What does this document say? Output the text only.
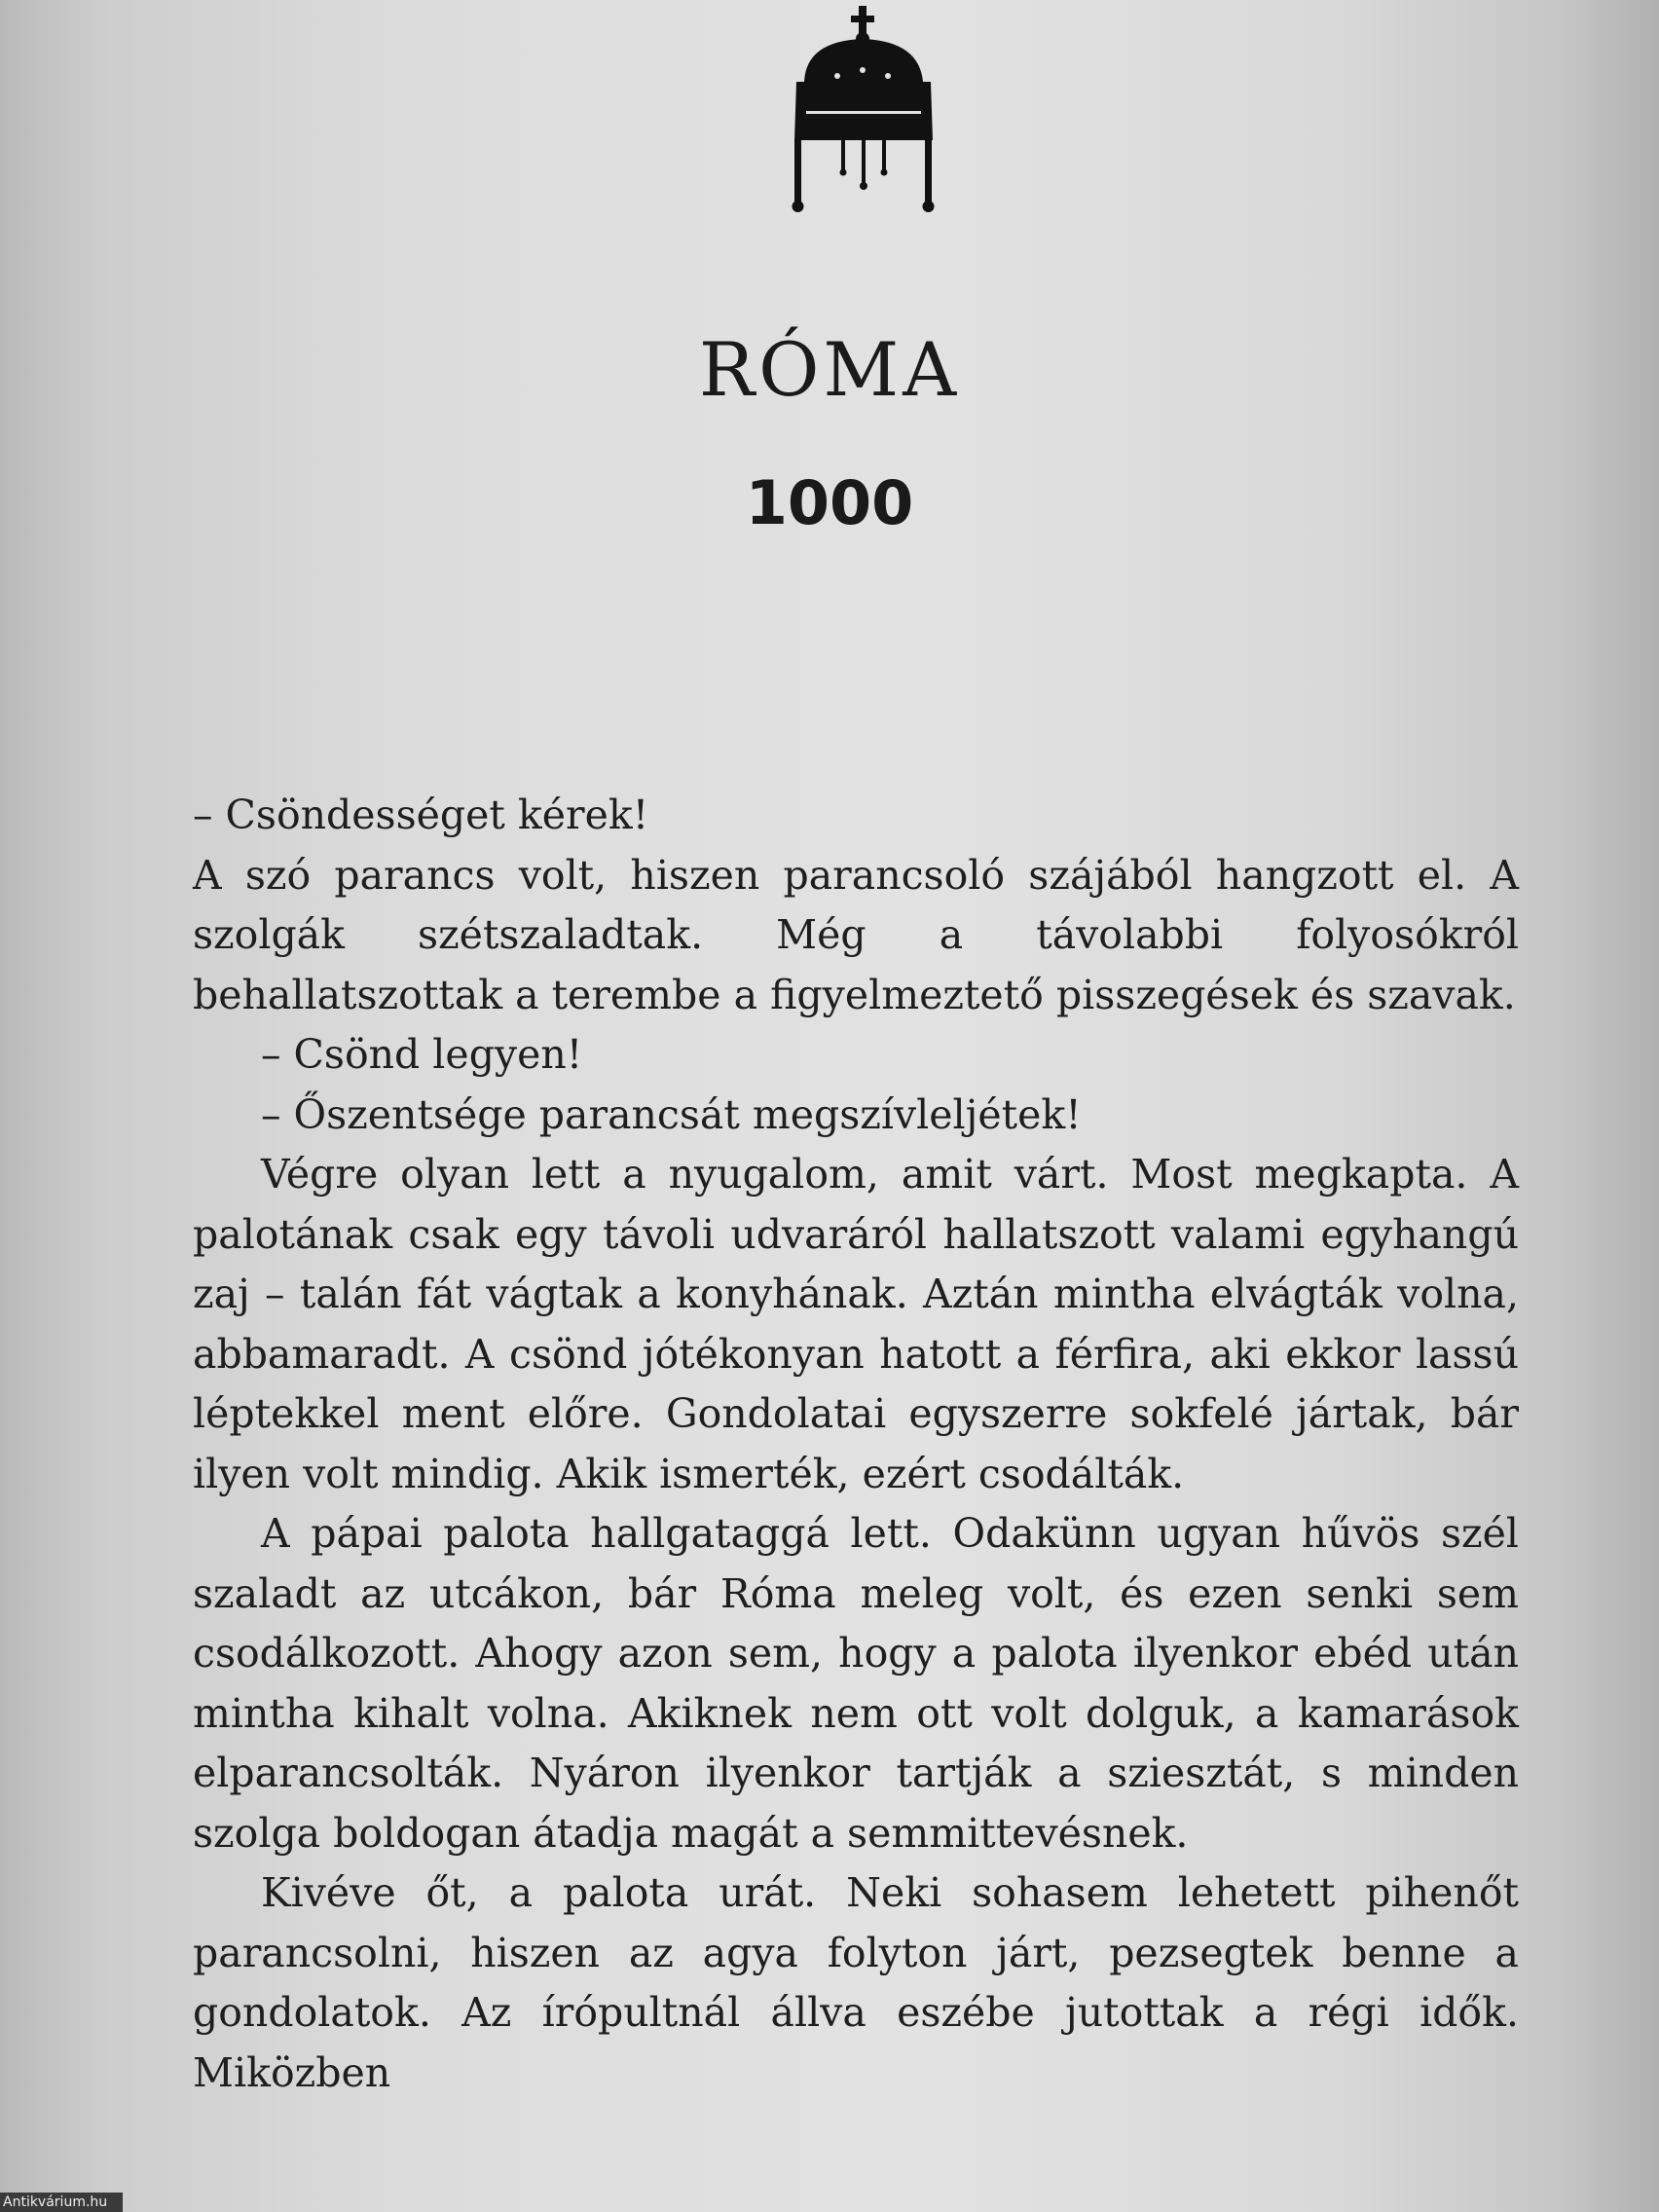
RÓMA
1000

– Csöndességet kérek!

A szó parancs volt, hiszen parancsoló szájából hangzott el. A szolgák szétszaladtak. Még a távolabbi folyosókról behallatszottak a terembe a figyelmeztető pisszegések és szavak.

– Csönd legyen!

– Őszentsége parancsát megszívleljétek!

Végre olyan lett a nyugalom, amit várt. Most megkapta. A palotának csak egy távoli udvaráról hallatszott valami egyhangú zaj – talán fát vágtak a konyhának. Aztán mintha elvágták volna, abbamaradt. A csönd jótékonyan hatott a férfira, aki ekkor lassú léptekkel ment előre. Gondolatai egyszerre sokfelé jártak, bár ilyen volt mindig. Akik ismerték, ezért csodálták.

A pápai palota hallgataggá lett. Odakünn ugyan hűvös szél szaladt az utcákon, bár Róma meleg volt, és ezen senki sem csodálkozott. Ahogy azon sem, hogy a palota ilyenkor ebéd után mintha kihalt volna. Akiknek nem ott volt dolguk, a kamarások elparancsolták. Nyáron ilyenkor tartják a sziesztát, s minden szolga boldogan átadja magát a semmittevésnek.

Kivéve őt, a palota urát. Neki sohasem lehetett pihenőt parancsolni, hiszen az agya folyton járt, pezsegtek benne a gondolatok. Az írópultnál állva eszébe jutottak a régi idők. Miközben

Antikvárium.hu
